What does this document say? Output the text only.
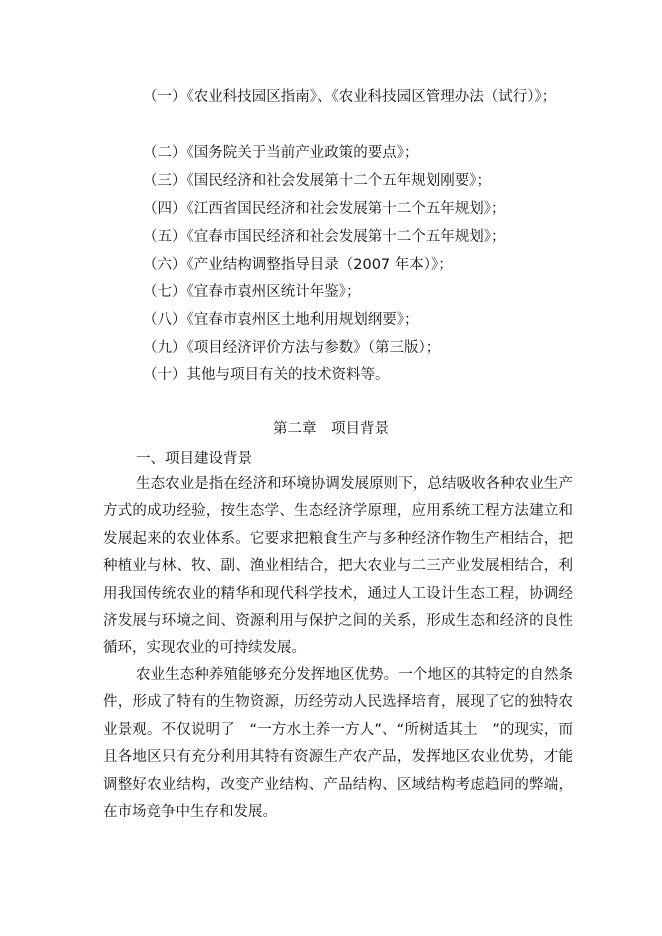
（一）《农业科技园区指南》、《农业科技园区管理办法（试行）》；
（二）《国务院关于当前产业政策的要点》；
（三）《国民经济和社会发展第十二个五年规划刚要》；
（四）《江西省国民经济和社会发展第十二个五年规划》；
（五）《宜春市国民经济和社会发展第十二个五年规划》；
（六）《产业结构调整指导目录（2007 年本）》；
（七）《宜春市袁州区统计年鉴》；
（八）《宜春市袁州区土地利用规划纲要》；
（九）《项目经济评价方法与参数》（第三版）；
（十）其他与项目有关的技术资料等。
第二章　项目背景
一、项目建设背景
生态农业是指在经济和环境协调发展原则下，总结吸收各种农业生产方式的成功经验，按生态学、生态经济学原理，应用系统工程方法建立和发展起来的农业体系。它要求把粮食生产与多种经济作物生产相结合，把种植业与林、牧、副、渔业相结合，把大农业与二三产业发展相结合，利用我国传统农业的精华和现代科学技术，通过人工设计生态工程，协调经济发展与环境之间、资源利用与保护之间的关系，形成生态和经济的良性循环，实现农业的可持续发展。
农业生态种养殖能够充分发挥地区优势。一个地区的其特定的自然条件，形成了特有的生物资源，历经劳动人民选择培育，展现了它的独特农业景观。不仅说明了　“一方水土养一方人”、“所树适其土　”的现实，而且各地区只有充分利用其特有资源生产农产品，发挥地区农业优势，才能调整好农业结构，改变产业结构、产品结构、区域结构考虑趋同的弊端，在市场竞争中生存和发展。
